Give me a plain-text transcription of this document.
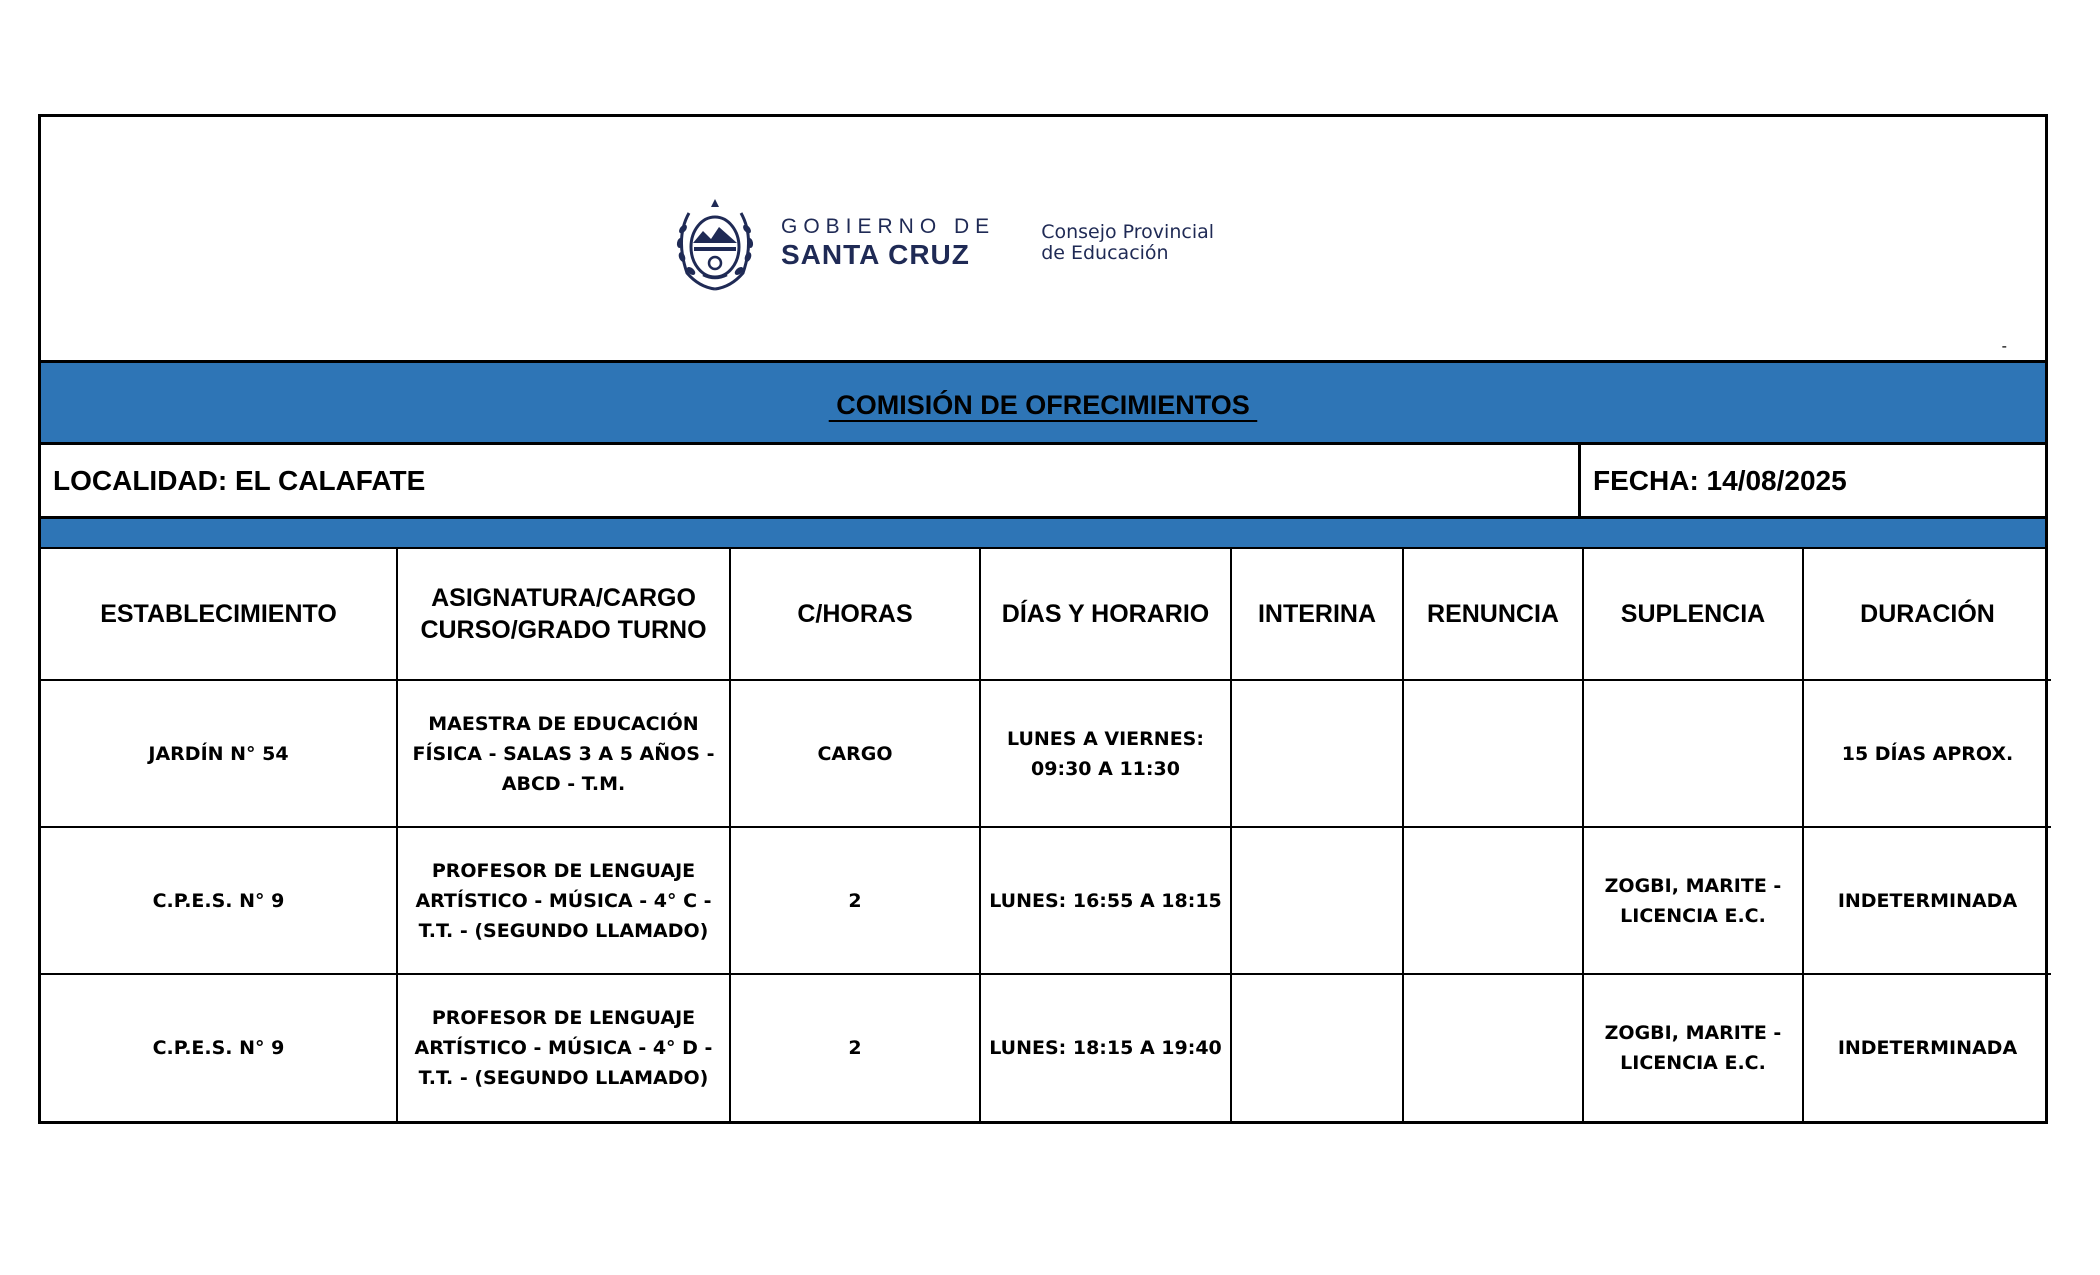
GOBIERNO DE
SANTA CRUZ
Consejo Provincial
de Educación
-
COMISIÓN DE OFRECIMIENTOS
LOCALIDAD: EL CALAFATE	FECHA: 14/08/2025
ESTABLECIMIENTO	ASIGNATURA/CARGO CURSO/GRADO TURNO	C/HORAS	DÍAS Y HORARIO	INTERINA	RENUNCIA	SUPLENCIA	DURACIÓN
JARDÍN N° 54	MAESTRA DE EDUCACIÓN FÍSICA - SALAS 3 A 5 AÑOS - ABCD - T.M.	CARGO	LUNES A VIERNES: 09:30 A 11:30				15 DÍAS APROX.
C.P.E.S. N° 9	PROFESOR DE LENGUAJE ARTÍSTICO - MÚSICA - 4° C - T.T. - (SEGUNDO LLAMADO)	2	LUNES: 16:55 A 18:15			ZOGBI, MARITE - LICENCIA E.C.	INDETERMINADA
C.P.E.S. N° 9	PROFESOR DE LENGUAJE ARTÍSTICO - MÚSICA - 4° D - T.T. - (SEGUNDO LLAMADO)	2	LUNES: 18:15 A 19:40			ZOGBI, MARITE - LICENCIA E.C.	INDETERMINADA
